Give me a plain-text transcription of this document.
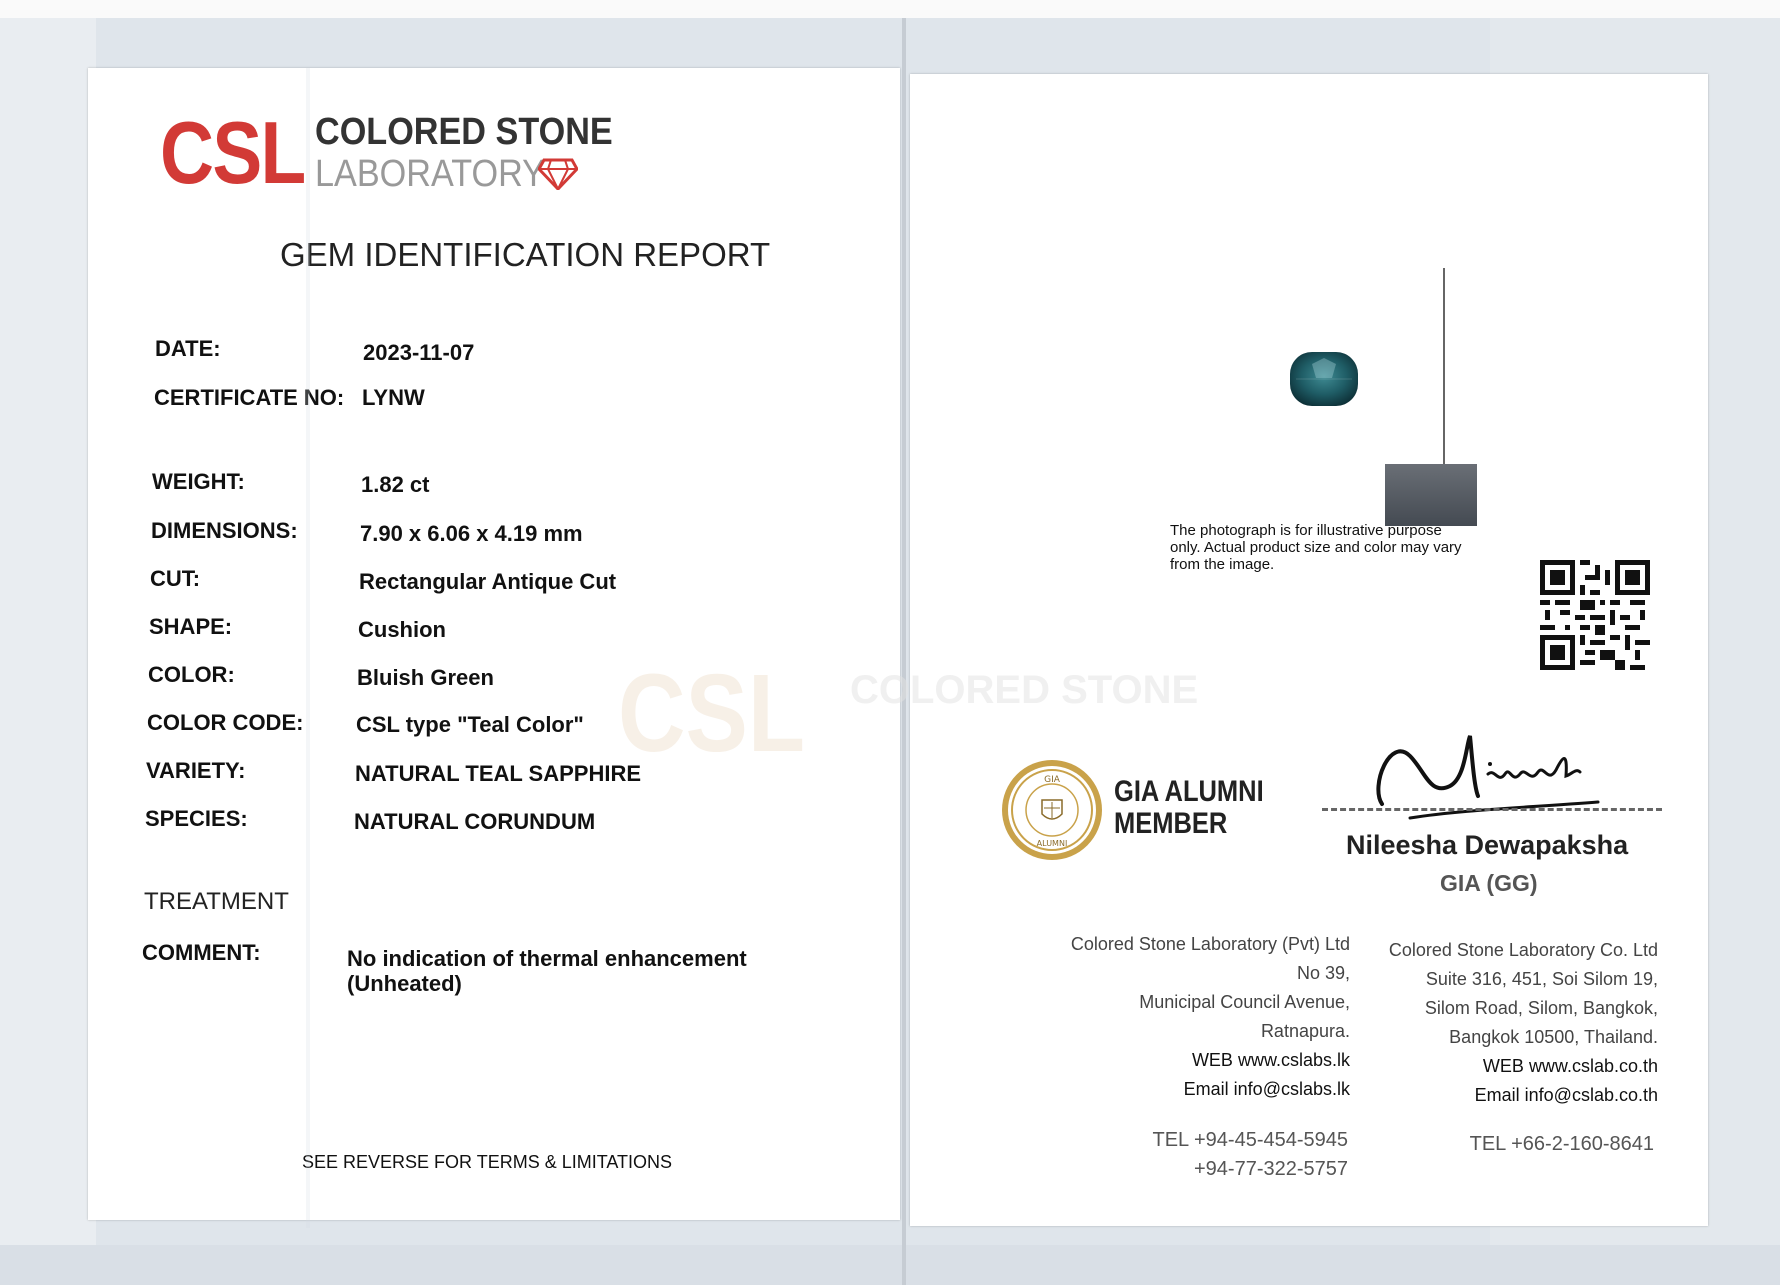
CSL COLORED STONE
CSL COLORED STONE
LABORATORY
GEM IDENTIFICATION REPORT
DATE:	2023-11-07
CERTIFICATE NO: LYNW
WEIGHT:	1.82 ct
DIMENSIONS:	7.90 x 6.06 x 4.19 mm
CUT:	Rectangular Antique Cut
SHAPE:	Cushion
COLOR:	Bluish Green
COLOR CODE: CSL type "Teal Color"
VARIETY:	NATURAL TEAL SAPPHIRE
SPECIES:	NATURAL CORUNDUM
TREATMENT
COMMENT:	No indication of thermal enhancement
(Unheated)
SEE REVERSE FOR TERMS & LIMITATIONS
The photograph is for illustrative purpose only. Actual product size and color may vary from the image.
GIA
ALUMNI
GIA ALUMNI
MEMBER
Nileesha Dewapaksha
GIA (GG)
Colored Stone Laboratory (Pvt) Ltd
No 39,
Municipal Council Avenue,
Ratnapura.
WEB www.cslabs.lk
Email info@cslabs.lk
TEL +94-45-454-5945
+94-77-322-5757
Colored Stone Laboratory Co. Ltd
Suite 316, 451, Soi Silom 19,
Silom Road, Silom, Bangkok,
Bangkok 10500, Thailand.
WEB www.cslab.co.th
Email info@cslab.co.th
TEL +66-2-160-8641
